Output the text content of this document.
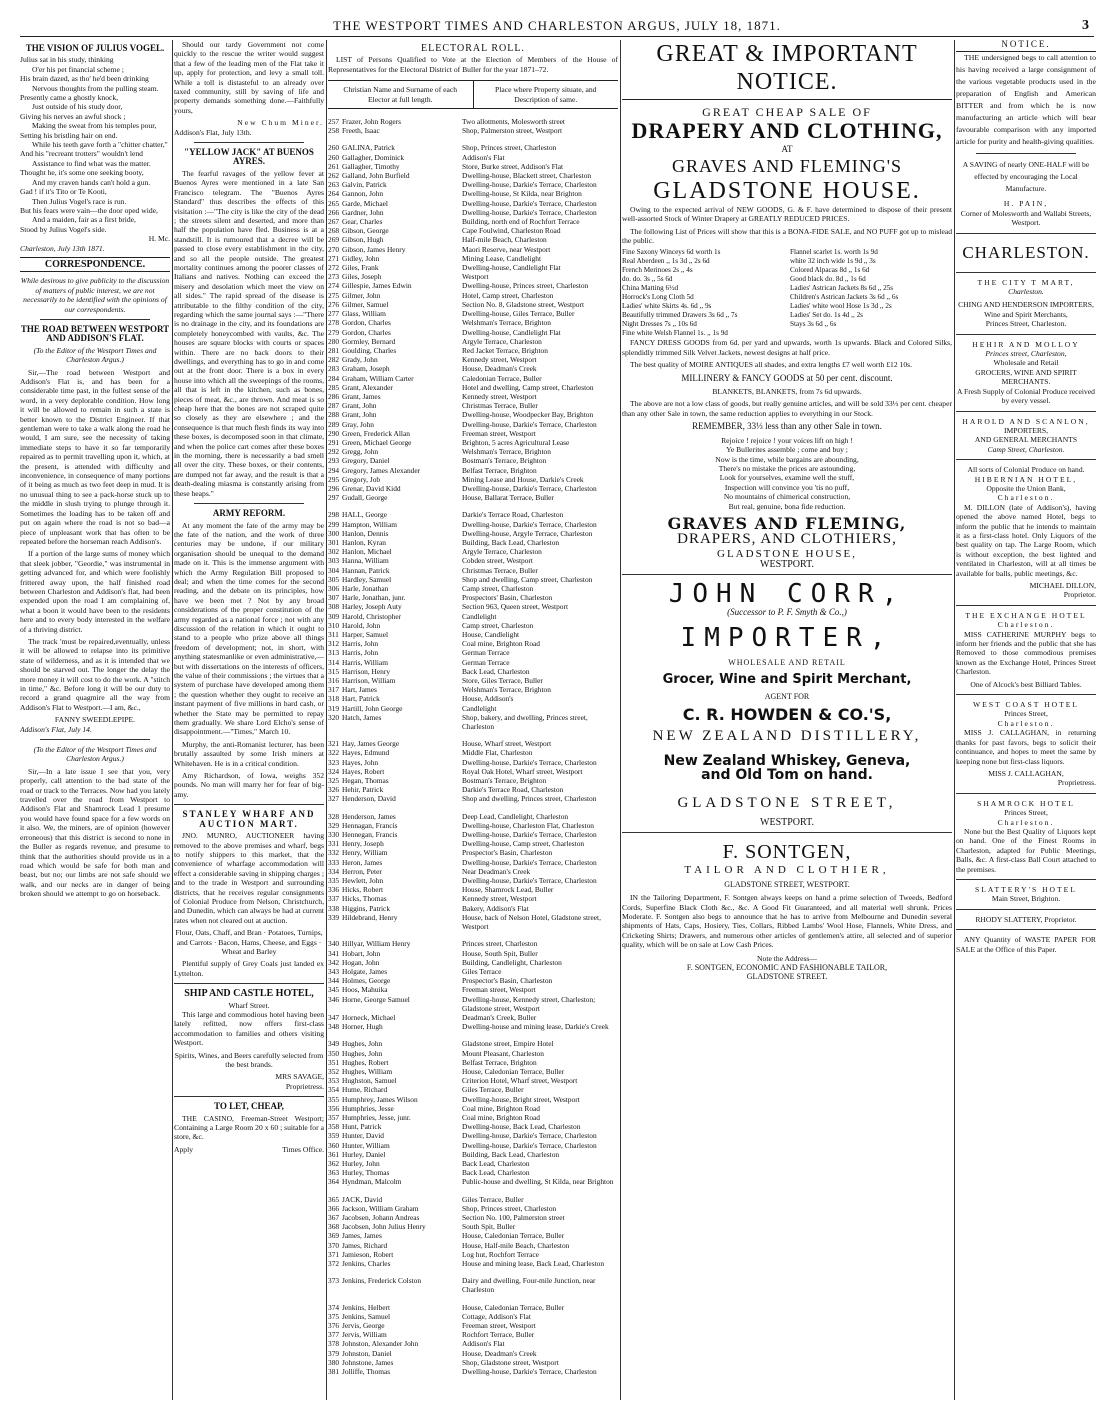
THE WESTPORT TIMES AND CHARLESTON ARGUS, JULY 18, 1871.	3
THE VISION OF JULIUS VOGEL.

Julius sat in his study, thinking

O'er his pet financial scheme ;

His brain dazed, as tho' he'd been drinking

Nervous thoughts from the pulling steam.

Presently came a ghostly knock,

Just outside of his study door,

Giving his nerves an awful shock ;

Making the sweat from his temples pour,

Setting his bristling hair on end.

While his teeth gave forth a "chitter chatter,"

And his "recreant trotters" wouldn't lend

Assistance to find what was the matter.

Thought he, it's some one seeking booty,

And my craven hands can't hold a gun.

Gad ! if it's Tito or Te Kooti,

Then Julius Vogel's race is run.

But his fears were vain—the door oped wide,

And a maiden, fair as a first bride,

Stood by Julius Vogel's side.

H. Mc.
Charleston, July 13th 1871.
CORRESPONDENCE.

While desirous to give publicity to the discussion of matters of public interest, we are not necessarily to be identified with the opinions of our correspondents.

THE ROAD BETWEEN WESTPORT AND ADDISON'S FLAT.

(To the Editor of the Westport Times and Charleston Argus.)

Sir,—The road between Westport and Addison's Flat is, and has been for a considerable time past, in the fullest sense of the word, in a very deplorable condition. How long it will be allowed to remain in such a state is better known to the District Engineer. If that gentleman were to take a walk along the road he would, I am sure, see the necessity of taking immediate steps to have it so far temporarily repaired as to permit travelling upon it, which, at the present, is attended with difficulty and inconvenience, in consequence of many portions of it being as much as two feet deep in mud. It is no unusual thing to see a pack-horse stuck up to the middle in slush trying to plunge through it. Sometimes the loading has to be taken off and put on again where the road is not so bad—a piece of unpleasant work that has often to be repeated before the horseman reach Addison's.

If a portion of the large sums of money which that sleek jobber, "Geordie," was instrumental in getting advanced for, and which were foolishly frittered away upon, the half finished road between Charleston and Addison's flat, had been expended upon the road I am complaining of, what a boon it would have been to the residents here and to every body interested in the welfare of a thriving district.

The track 'must be repaired,eventually, unless it will be allowed to relapse into its primitive state of wilderness, and as it is intended that we should be starved out. The longer the delay the more money it will cost to do the work. A "stitch in time," &c. Before long it will be our duty to record a grand quagmire all the way from Addison's Flat to Westport.—I am, &c.,

FANNY SWEEDLEPIPE.
Addison's Flat, July 14.

(To the Editor of the Westport Times and Charleston Argus.)

Sir,—In a late issue I see that you, very properly, call attention to the bad state of the road or track to the Terraces. Now had you lately travelled over the road from Westport to Addison's Flat and Shamrock Lead I presume you would have found space for a few words on it also. We, the miners, are of opinion (however erroneous) that this district is second to none in the Buller as regards revenue, and presume to think that the authorities should provide us in a road which would be safe for both man and beast, but no; our limbs are not safe should we walk, and our necks are in danger of being broken should we attempt to go on horseback.

Should our tardy Government not come quickly to the rescue the writer would suggest that a few of the leading men of the Flat take it up, apply for protection, and levy a small toll. While a toll is distasteful to an already over taxed community, still by saving of life and property demands something done.—Faithfully yours,

New Chum Miner.
Addison's Flat, July 13th.
"YELLOW JACK" AT BUENOS AYRES.

The fearful ravages of the yellow fever at Buenos Ayres were mentioned in a late San Francisco telegram. The "Buenos Ayres Standard" thus describes the effects of this visitation :—"The city is like the city of the dead ; the streets silent and deserted, and more than half the population have fled. Business is at a standstill. It is rumoured that a decree will be passed to close every establishment in the city, and so all the people outside. The greatest mortality continues among the poorer classes of Italians and natives. Nothing can exceed the misery and desolation which meet the view on all sides." The rapid spread of the disease is attributable to the filthy condition of the city, regarding which the same journal says :—"There is no drainage in the city, and its foundations are completely honeycombed with vaults, &c. The houses are square blocks with courts or spaces within. There are no back doors to their dwellings, and everything has to go in and come out at the front door. There is a box in every house into which all the sweepings of the rooms, all that is left in the kitchen, such as bones, pieces of meat, &c., are thrown. And meat is so cheap here that the bones are not scraped quite so closely as they are elsewhere ; and the consequence is that much flesh finds its way into these boxes, is decomposed soon in that climate, and when the police cart comes after these boxes in the morning, there is necessarily a bad smell all over the city. These boxes, or their contents, are dumped not far away, and the result is that a death-dealing miasma is constantly arising from these heaps."

ARMY REFORM.

At any moment the fate of the army may be the fate of the nation, and the work of three centuries may be undone, if our military organisation should be unequal to the demand made on it. This is the immense argument with which the Army Regulation Bill proposed to deal; and when the time comes for the second reading, and the debate on its principles, how have we been met ? Not by any broad considerations of the proper constitution of the army regarded as a national force ; not with any discussion of the relation in which it ought to stand to a people who prize above all things freedom of development; not, in short, with anything statesmanlike or even administrative,—but with dissertations on the interests of officers, the value of their commissions ; the virtues that a system of purchase have developed among them ; the question whether they ought to receive an instant payment of five millions in hard cash, or whether the State may be permitted to repay them gradually. We share Lord Elcho's sense of disappointment.—"Times," March 10.

Murphy, the anti-Romanist lecturer, has been brutally assaulted by some Irish miners at Whitehaven. He is in a critical condition.

Amy Richardson, of Iowa, weighs 352 pounds. No man will marry her for fear of big-amy.

STANLEY WHARF AND AUCTION MART.

JNO. MUNRO, AUCTIONEER having removed to the above premises and wharf, begs to notify shippers to this market, that the convenience of wharfage accommodation will effect a considerable saving in shipping charges ; and to the trade in Westport and surrounding districts, that he receives regular consignments of Colonial Produce from Nelson, Christchurch, and Dunedin, which can always be had at current rates when not cleared out at auction.

Flour, Oats, Chaff, and Bran · Potatoes, Turnips, and Carrots · Bacon, Hams, Cheese, and Eggs · Wheat and Barley

Plentiful supply of Grey Coals just landed ex Lyttelton.

SHIP AND CASTLE HOTEL,
Wharf Street.

This large and commodious hotel having been lately refitted, now offers first-class accommodation to families and others visiting Westport.

Spirits, Wines, and Beers carefully selected from the best brands.

MRS SAVAGE,
Proprietress.
TO LET, CHEAP,

THE CASINO, Freeman-Street Westport; Containing a Large Room 20 x 60 ; suitable for a store, &c.

Apply	Times Office.
ELECTORAL ROLL.

LIST of Persons Qualified to Vote at the Election of Members of the House of Representatives for the Electoral District of Buller for the year 1871–72.

Christian Name and Surname of each Elector at full length.
Place where Property situate, and Description of same.
257	Frazer, John Rogers	Two allotments, Molesworth street
258	Freeth, Isaac	Shop, Palmerston street, Westport
260	GALINA, Patrick	Shop, Princes street, Charleston
260	Gallagher, Dominick	Addison's Flat
261	Gallagher, Timothy	Store, Burke street, Addison's Flat
262	Galland, John Burfield	Dwelling-house, Blackett street, Charleston
263	Galvin, Patrick	Dwelling-house, Darkie's Terrace, Charleston
264	Gannon, John	Dwelling-house, St Kilda, near Brighton
265	Garde, Michael	Dwelling-house, Darkie's Terrace, Charleston
266	Gardner, John	Dwelling-house, Darkie's Terrace, Charleston
267	Gear, Charles	Building, north end of Rochfort Terrace
268	Gibson, George	Cape Foulwind, Charleston Road
269	Gibson, Hugh	Half-mile Beach, Charleston
270	Gibson, James Henry	Maori Reserve, near Westport
271	Gidley, John	Mining Lease, Candlelight
272	Giles, Frank	Dwelling-house, Candlelight Flat
273	Giles, Joseph	Westport
274	Gillespie, James Edwin	Dwelling-house, Princes street, Charleston
275	Gilmer, John	Hotel, Camp street, Charleston
276	Gilmer, Samuel	Section No. 8, Gladstone street, Westport
277	Glass, William	Dwelling-house, Giles Terrace, Buller
278	Gordon, Charles	Welshman's Terrace, Brighton
279	Gordon, Charles	Dwelling-house, Candlelight Flat
280	Gormley, Bernard	Argyle Terrace, Charleston
281	Goulding, Charles	Red Jacket Terrace, Brighton
282	Grady, John	Kennedy street, Westport
283	Graham, Joseph	House, Deadman's Creek
284	Graham, William Carter	Caledonian Terrace, Buller
285	Grant, Alexander	Hotel and dwelling, Camp street, Charleston
286	Grant, James	Kennedy street, Westport
287	Grant, John	Christmas Terrace, Buller
288	Grant, John	Dwelling-house, Woodpecker Bay, Brighton
289	Gray, John	Dwelling-house, Darkie's Terrace, Charleston
290	Green, Frederick Allan	Freeman street, Westport
291	Green, Michael George	Brighton, 5 acres Agricultural Lease
292	Gregg, John	Welshman's Terrace, Brighton
293	Gregory, Daniel	Bostman's Terrace, Brighton
294	Gregory, James Alexander	Belfast Terrace, Brighton
295	Gregory, Job	Mining Lease and House, Darkie's Creek
296	Grenar, David Kidd	Dwelling-house, Darkie's Terrace, Charleston
297	Gudall, George	House, Ballarat Terrace, Buller
298	HALL, George	Darkie's Terrace Road, Charleston
299	Hampton, William	Dwelling-house, Darkie's Terrace, Charleston
300	Hanlon, Dennis	Dwelling-house, Argyle Terrace, Charleston
301	Hanlon, Kyran	Building, Back Lead, Charleston
302	Hanlon, Michael	Argyle Terrace, Charleston
303	Hanna, William	Cobden street, Westport
304	Hannan, Patrick	Christmas Terrace, Buller
305	Hardley, Samuel	Shop and dwelling, Camp street, Charleston
306	Harle, Jonathan	Camp street, Charleston
307	Harle, Jonathan, junr.	Prospectors' Basin, Charleston
308	Harley, Joseph Auty	Section 963, Queen street, Westport
309	Harold, Christopher	Candlelight
310	Harold, John	Camp street, Charleston
311	Harper, Samuel	House, Candlelight
312	Harris, John	Coal mine, Brighton Road
313	Harris, John	German Terrace
314	Harris, William	German Terrace
315	Harrison, Henry	Back Lead, Charleston
316	Harrison, William	Store, Giles Terrace, Buller
317	Hart, James	Welshman's Terrace, Brighton
318	Hart, Patrick	House, Addison's
319	Hartill, John George	Candlelight
320	Hatch, James	Shop, bakery, and dwelling, Princes street, Charleston
321	Hay, James George	House, Wharf street, Westport
322	Hayes, Edmund	Middle Flat, Charleston
323	Hayes, John	Dwelling-house, Darkie's Terrace, Charleston
324	Hayes, Robert	Royal Oak Hotel, Wharf street, Westport
325	Hegan, Thomas	Bostman's Terrace, Brighton
326	Hehir, Patrick	Darkie's Terrace Road, Charleston
327	Henderson, David	Shop and dwelling, Princes street, Charleston
328	Henderson, James	Deep Lead, Candlelight, Charleston
329	Hennagan, Francis	Dwelling-house, Charleston Flat, Charleston
330	Hennegan, Francis	Dwelling-house, Darkie's Terrace, Charleston
331	Henry, Joseph	Dwelling-house, Camp street, Charleston
332	Henry, William	Prospector's Basin, Charleston
333	Heron, James	Dwelling-house, Darkie's Terrace, Charleston
334	Herron, Peter	Near Deadman's Creek
335	Hewlett, John	Dwelling-house, Darkie's Terrace, Charleston
336	Hicks, Robert	House, Shamrock Lead, Buller
337	Hicks, Thomas	Kennedy street, Westport
338	Higgins, Patrick	Bakery, Addison's Flat
339	Hildebrand, Henry	House, back of Nelson Hotel, Gladstone street, Westport
340	Hillyar, William Henry	Princes street, Charleston
341	Hobart, John	House, South Spit, Buller
342	Hogan, John	Building, Candlelight, Charleston
343	Holgate, James	Giles Terrace
344	Holmes, George	Prospector's Basin, Charleston
345	Hoos, Mahuika	Freeman street, Westport
346	Horne, George Samuel	Dwelling-house, Kennedy street, Charleston; Gladstone street, Westport
347	Horneck, Michael	Deadman's Creek, Buller
348	Horner, Hugh	Dwelling-house and mining lease, Darkie's Creek
349	Hughes, John	Gladstone street, Empire Hotel
350	Hughes, John	Mount Pleasant, Charleston
351	Hughes, Robert	Belfast Terrace, Brighton
352	Hughes, William	House, Caledonian Terrace, Buller
353	Hughston, Samuel	Criterion Hotel, Wharf street, Westport
354	Hume, Richard	Giles Terrace, Buller
355	Humphrey, James Wilson	Dwelling-house, Bright street, Westport
356	Humphries, Jesse	Coal mine, Brighton Road
357	Humphries, Jesse, junr.	Coal mine, Brighton Road
358	Hunt, Patrick	Dwelling-house, Back Lead, Charleston
359	Hunter, David	Dwelling-house, Darkie's Terrace, Charleston
360	Hunter, William	Dwelling-house, Darkie's Terrace, Charleston
361	Hurley, Daniel	Building, Back Lead, Charleston
362	Hurley, John	Back Lead, Charleston
363	Hurley, Thomas	Back Lead, Charleston
364	Hyndman, Malcolm	Public-house and dwelling, St Kilda, near Brighton
365	JACK, David	Giles Terrace, Buller
366	Jackson, William Graham	Shop, Princes street, Charleston
367	Jacobsen, Johann Andreas	Section No. 100, Palmerston street
368	Jacobsen, John Julius Henry	South Spit, Buller
369	James, James	House, Caledonian Terrace, Buller
370	James, Richard	House, Half-mile Beach, Charleston
371	Jamieson, Robert	Log hut, Rochfort Terrace
372	Jenkins, Charles	House and mining lease, Back Lead, Charleston
373	Jenkins, Frederick Colston	Dairy and dwelling, Four-mile Junction, near Charleston
374	Jenkins, Helbert	House, Caledonian Terrace, Buller
375	Jenkins, Samuel	Cottage, Addison's Flat
376	Jervis, George	Freeman street, Westport
377	Jervis, William	Rochfort Terrace, Buller
378	Johnston, Alexander John	Addison's Flat
379	Johnston, Daniel	House, Deadman's Creek
380	Johnstone, James	Shop, Gladstone street, Westport
381	Jolliffe, Thomas	Dwelling-house, Darkie's Terrace, Charleston
GREAT & IMPORTANT NOTICE.
GREAT CHEAP SALE OF
DRAPERY AND CLOTHING,
AT
GRAVES AND FLEMING'S
GLADSTONE HOUSE.

Owing to the expected arrival of NEW GOODS, G. & F. have determined to dispose of their present well-assorted Stock of Winter Drapery at GREATLY REDUCED PRICES.

The following List of Prices will show that this is a BONA-FIDE SALE, and NO PUFF got up to mislead the public.

Fine Saxony Winceys 6d worth 1s
Real Aberdeen ,, 1s 3d ,, 2s 6d
French Merinoes 2s ,, 4s
do. do. 3s ,, 5s 6d
China Matting 6½d
Horrock's Long Cloth 5d
Ladies' white Skirts 4s. 6d ,, 9s
Beautifully trimmed Drawers 3s 6d ,, 7s
Night Dresses 7s ,, 10s 6d
Fine white Welsh Flannel 1s. ,, 1s 9d
Flannel scarlet 1s. worth 1s 9d
white 32 inch wide 1s 9d ,, 3s
Colored Alpacas 8d ,, 1s 6d
Good black do. 8d ,, 1s 6d
Ladies' Astrican Jackets 8s 6d ,, 25s
Children's Astrican Jackets 3s 6d ,, 6s
Ladies' white wool Hose 1s 3d ,, 2s
Ladies' Set do. 1s 4d ,, 2s
Stays 3s 6d ,, 6s

FANCY DRESS GOODS from 6d. per yard and upwards, worth 1s upwards. Black and Colored Silks, splendidly trimmed Silk Velvet Jackets, newest designs at half price.

The best quality of MOIRE ANTIQUES all shades, and extra lengths £7 well worth £12 10s.

MILLINERY & FANCY GOODS at 50 per cent. discount.
BLANKETS, BLANKETS, from 7s 6d upwards.

The above are not a low class of goods, but really genuine articles, and will be sold 33⅓ per cent. cheaper than any other Sale in town, the same reduction applies to everything in our Stock.

REMEMBER, 33⅓ less than any other Sale in town.
Rejoice ! rejoice ! your voices lift on high !
Ye Bullerites assemble ; come and buy ;
Now is the time, while bargains are abounding,
There's no mistake the prices are astounding,
Look for yourselves, examine well the stuff,
Inspection will convince you 'tis no puff,
No mountains of chimerical construction,
But real, genuine, bona fide reduction.
GRAVES AND FLEMING,
DRAPERS, AND CLOTHIERS,
GLADSTONE HOUSE,
WESTPORT.
JOHN CORR,
(Successor to P. F. Smyth & Co.,)
IMPORTER,
WHOLESALE AND RETAIL
Grocer, Wine and Spirit Merchant,
AGENT FOR
C. R. HOWDEN & CO.'S,
NEW ZEALAND DISTILLERY,
New Zealand Whiskey, Geneva,
and Old Tom on hand.
GLADSTONE STREET,
WESTPORT.
F. SONTGEN,
TAILOR AND CLOTHIER,
GLADSTONE STREET, WESTPORT.

IN the Tailoring Department, F. Sontgen always keeps on hand a prime selection of Tweeds, Bedford Cords, Superfine Black Cloth &c., &c. A Good Fit Guaranteed, and all material well shrunk. Prices Moderate. F. Sontgen also begs to announce that he has to arrive from Melbourne and Dunedin several shipments of Hats, Caps, Hosiery, Ties, Collars, Ribbed Lambs' Wool Hose, Flannels, White Dress, and Cricketing Shirts; Drawers, and numerous other articles of gentlemen's attire, all selected and of superior quality, which will be on sale at Low Cash Prices.

Note the Address—
F. SONTGEN, ECONOMIC AND FASHIONABLE TAILOR,
GLADSTONE STREET.
NOTICE.

THE undersigned begs to call attention to his having received a large consignment of the various vegetable products used in the preparation of English and American BITTER and from which he is now manufacturing an article which will bear favourable comparison with any imported article for purity and health-giving qualities.

A SAVING of nearly ONE-HALF will be effected by encouraging the Local Manufacture.

H. PAIN,

Corner of Molesworth and Wallabi Streets, Westport.

CHARLESTON.
THE CITY T MART,
Charleston.
CHING AND HENDERSON IMPORTERS,
Wine and Spirit Merchants,
Princes Street, Charleston.
HEHIR AND MOLLOY
Princes street, Charleston,
Wholesale and Retail
GROCERS, WINE AND SPIRIT MERCHANTS.

A Fresh Supply of Colonial Produce received by every vessel.

HAROLD AND SCANLON,
IMPORTERS,
AND GENERAL MERCHANTS
Camp Street, Charleston.
All sorts of Colonial Produce on hand.
HIBERNIAN HOTEL,
Opposite the Union Bank,
Charleston.

M. DILLON (late of Addison's), having opened the above named Hotel, begs to inform the public that he intends to maintain it as a first-class hotel. Only Liquors of the best quality on tap. The Large Room, which is without exception, the best lighted and ventilated in Charleston, will at all times be available for balls, public meetings, &c.

MICHAEL DILLON,
Proprietor.
THE EXCHANGE HOTEL
Charleston.

MISS CATHERINE MURPHY begs to inform her friends and the public that she has Removed to those commodious premises known as the Exchange Hotel, Princes Street Charleston.

One of Alcock's best Billiard Tables.
WEST COAST HOTEL
Princes Street,
Charleston.

MISS J. CALLAGHAN, in returning thanks for past favors, begs to solicit their continuance, and hopes to meet the same by keeping none but first-class liquors.

MISS J. CALLAGHAN,
Proprietress.
SHAMROCK HOTEL
Princes Street,
Charleston.

None but the Best Quality of Liquors kept on hand. One of the Finest Rooms in Charleston, adapted for Public Meetings, Balls, &c. A first-class Ball Court attached to the premises.

SLATTERY'S HOTEL
Main Street, Brighton.
RHODY SLATTERY, Proprietor.

ANY Quantity of WASTE PAPER FOR SALE at the Office of this Paper.
